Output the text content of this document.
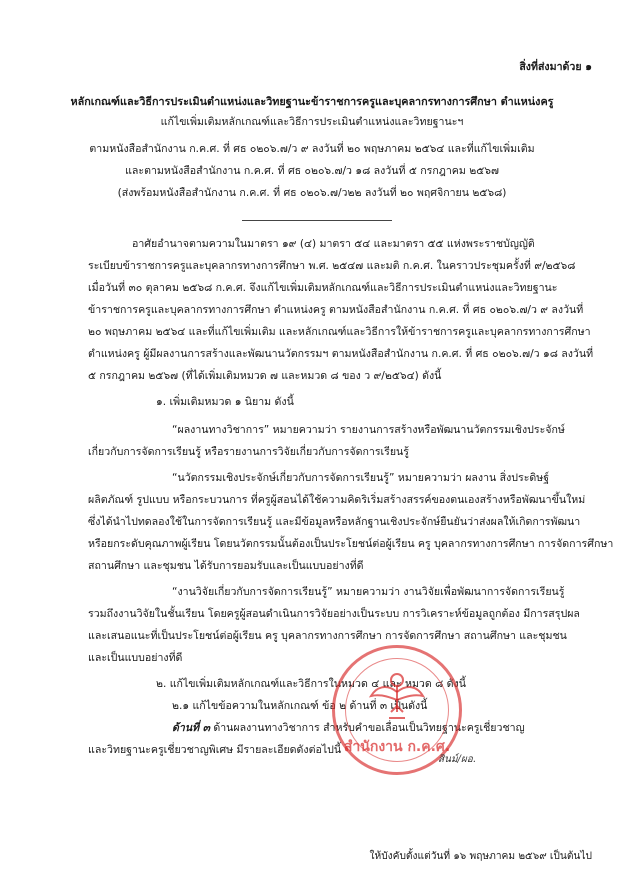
สิ่งที่ส่งมาด้วย ๑
หลักเกณฑ์และวิธีการประเมินตำแหน่งและวิทยฐานะข้าราชการครูและบุคลากรทางการศึกษา ตำแหน่งครู
แก้ไขเพิ่มเติมหลักเกณฑ์และวิธีการประเมินตำแหน่งและวิทยฐานะฯ
ตามหนังสือสำนักงาน ก.ค.ศ. ที่ ศธ ๐๒๐๖.๗/ว ๙ ลงวันที่ ๒๐ พฤษภาคม ๒๕๖๔ และที่แก้ไขเพิ่มเติม
และตามหนังสือสำนักงาน ก.ค.ศ. ที่ ศธ ๐๒๐๖.๗/ว ๑๘ ลงวันที่ ๕ กรกฎาคม ๒๕๖๗
(ส่งพร้อมหนังสือสำนักงาน ก.ค.ศ. ที่ ศธ ๐๒๐๖.๗/ว๒๒ ลงวันที่ ๒๐ พฤศจิกายน ๒๕๖๘)
อาศัยอำนาจตามความในมาตรา ๑๙ (๔) มาตรา ๕๔ และมาตรา ๕๕ แห่งพระราชบัญญัติ
ระเบียบข้าราชการครูและบุคลากรทางการศึกษา พ.ศ. ๒๕๔๗ และมติ ก.ค.ศ. ในคราวประชุมครั้งที่ ๙/๒๕๖๘
เมื่อวันที่ ๓๐ ตุลาคม ๒๕๖๘ ก.ค.ศ. จึงแก้ไขเพิ่มเติมหลักเกณฑ์และวิธีการประเมินตำแหน่งและวิทยฐานะ
ข้าราชการครูและบุคลากรทางการศึกษา ตำแหน่งครู ตามหนังสือสำนักงาน ก.ค.ศ. ที่ ศธ ๐๒๐๖.๗/ว ๙ ลงวันที่
๒๐ พฤษภาคม ๒๕๖๔ และที่แก้ไขเพิ่มเติม และหลักเกณฑ์และวิธีการให้ข้าราชการครูและบุคลากรทางการศึกษา
ตำแหน่งครู ผู้มีผลงานการสร้างและพัฒนานวัตกรรมฯ ตามหนังสือสำนักงาน ก.ค.ศ. ที่ ศธ ๐๒๐๖.๗/ว ๑๘ ลงวันที่
๕ กรกฎาคม ๒๕๖๗ (ที่ได้เพิ่มเติมหมวด ๗ และหมวด ๘ ของ ว ๙/๒๕๖๔) ดังนี้
๑. เพิ่มเติมหมวด ๑ นิยาม ดังนี้
“ผลงานทางวิชาการ” หมายความว่า รายงานการสร้างหรือพัฒนานวัตกรรมเชิงประจักษ์
เกี่ยวกับการจัดการเรียนรู้ หรือรายงานการวิจัยเกี่ยวกับการจัดการเรียนรู้
“นวัตกรรมเชิงประจักษ์เกี่ยวกับการจัดการเรียนรู้” หมายความว่า ผลงาน สิ่งประดิษฐ์
ผลิตภัณฑ์ รูปแบบ หรือกระบวนการ ที่ครูผู้สอนได้ใช้ความคิดริเริ่มสร้างสรรค์ของตนเองสร้างหรือพัฒนาขึ้นใหม่
ซึ่งได้นำไปทดลองใช้ในการจัดการเรียนรู้ และมีข้อมูลหรือหลักฐานเชิงประจักษ์ยืนยันว่าส่งผลให้เกิดการพัฒนา
หรือยกระดับคุณภาพผู้เรียน โดยนวัตกรรมนั้นต้องเป็นประโยชน์ต่อผู้เรียน ครู บุคลากรทางการศึกษา การจัดการศึกษา
สถานศึกษา และชุมชน ได้รับการยอมรับและเป็นแบบอย่างที่ดี
“งานวิจัยเกี่ยวกับการจัดการเรียนรู้” หมายความว่า งานวิจัยเพื่อพัฒนาการจัดการเรียนรู้
รวมถึงงานวิจัยในชั้นเรียน โดยครูผู้สอนดำเนินการวิจัยอย่างเป็นระบบ การวิเคราะห์ข้อมูลถูกต้อง มีการสรุปผล
และเสนอแนะที่เป็นประโยชน์ต่อผู้เรียน ครู บุคลากรทางการศึกษา การจัดการศึกษา สถานศึกษา และชุมชน
และเป็นแบบอย่างที่ดี
๒. แก้ไขเพิ่มเติมหลักเกณฑ์และวิธีการในหมวด ๔ และ หมวด ๘ ดังนี้
๒.๑ แก้ไขข้อความในหลักเกณฑ์ ข้อ ๒ ด้านที่ ๓ เป็นดังนี้
ด้านที่ ๓ ด้านผลงานทางวิชาการ สำหรับคำขอเลื่อนเป็นวิทยฐานะครูเชี่ยวชาญ
และวิทยฐานะครูเชี่ยวชาญพิเศษ มีรายละเอียดดังต่อไปนี้ สำนักงาน ก.ค.ศ.
สินม์/ผอ.
ให้บังคับตั้งแต่วันที่ ๑๖ พฤษภาคม ๒๕๖๙ เป็นต้นไป
